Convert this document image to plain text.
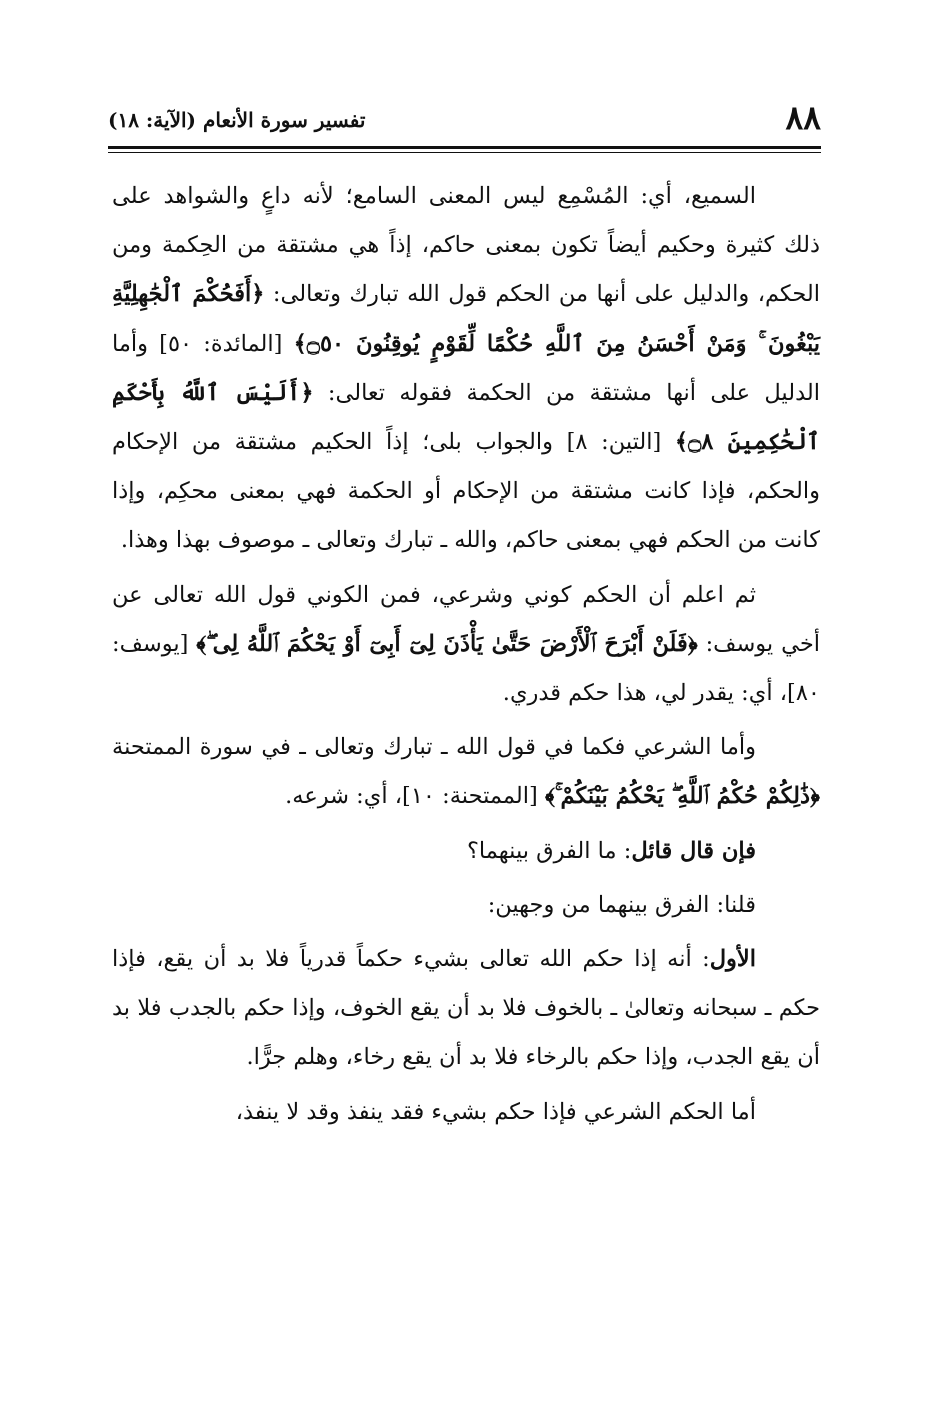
٨٨
تفسير سورة الأنعام (الآية: ١٨)

السميع، أي: المُسْمِع ليس المعنى السامع؛ لأنه داعٍ والشواهد على ذلك كثيرة وحكيم أيضاً تكون بمعنى حاكم، إذاً هي مشتقة من الحِكمة ومن الحكم، والدليل على أنها من الحكم قول الله تبارك وتعالى: ﴿أَفَحُكْمَ ٱلْجَٰهِلِيَّةِ يَبْغُونَ ۚ وَمَنْ أَحْسَنُ مِنَ ٱللَّهِ حُكْمًا لِّقَوْمٍ يُوقِنُونَ ۝٥٠﴾ [المائدة: ٥٠] وأما الدليل على أنها مشتقة من الحكمة فقوله تعالى: ﴿أَلَيْسَ ٱللَّهُ بِأَحْكَمِ ٱلْحَٰكِمِينَ ۝٨﴾ [التين: ٨] والجواب بلى؛ إذاً الحكيم مشتقة من الإحكام والحكم، فإذا كانت مشتقة من الإحكام أو الحكمة فهي بمعنى محكِم، وإذا كانت من الحكم فهي بمعنى حاكم، والله ـ تبارك وتعالى ـ موصوف بهذا وهذا.

ثم اعلم أن الحكم كوني وشرعي، فمن الكوني قول الله تعالى عن أخي يوسف: ﴿فَلَنْ أَبْرَحَ ٱلْأَرْضَ حَتَّىٰ يَأْذَنَ لِىٓ أَبِىٓ أَوْ يَحْكُمَ ٱللَّهُ لِى ۖ﴾ [يوسف: ٨٠]، أي: يقدر لي، هذا حكم قدري.

وأما الشرعي فكما في قول الله ـ تبارك وتعالى ـ في سورة الممتحنة ﴿ذَٰلِكُمْ حُكْمُ ٱللَّهِ ۖ يَحْكُمُ بَيْنَكُمْ ۚ﴾ [الممتحنة: ١٠]، أي: شرعه.

فإن قال قائل: ما الفرق بينهما؟

قلنا: الفرق بينهما من وجهين:

الأول: أنه إذا حكم الله تعالى بشيء حكماً قدرياً فلا بد أن يقع، فإذا حكم ـ سبحانه وتعالىٰ ـ بالخوف فلا بد أن يقع الخوف، وإذا حكم بالجدب فلا بد أن يقع الجدب، وإذا حكم بالرخاء فلا بد أن يقع رخاء، وهلم جرًّا.

أما الحكم الشرعي فإذا حكم بشيء فقد ينفذ وقد لا ينفذ،
